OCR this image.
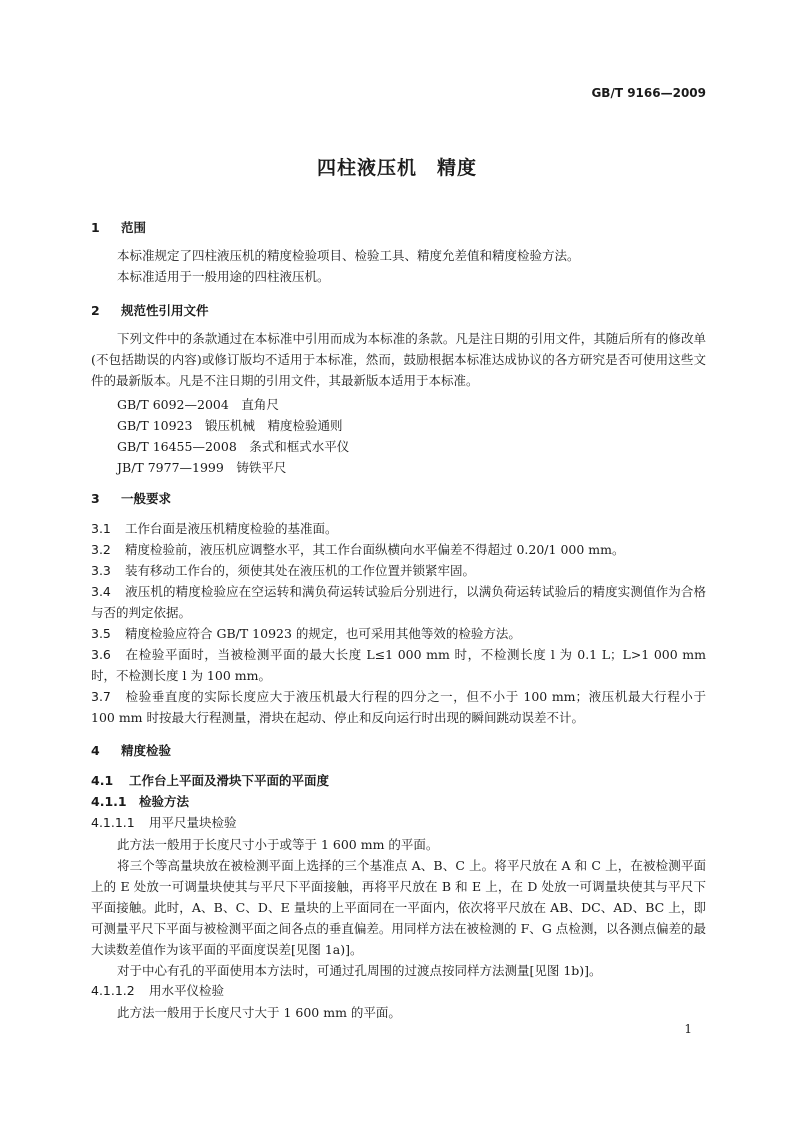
GB/T 9166—2009
四柱液压机　精度
1 范围
本标准规定了四柱液压机的精度检验项目、检验工具、精度允差值和精度检验方法。
本标准适用于一般用途的四柱液压机。
2 规范性引用文件
下列文件中的条款通过在本标准中引用而成为本标准的条款。凡是注日期的引用文件，其随后所有的修改单(不包括勘误的内容)或修订版均不适用于本标准，然而，鼓励根据本标准达成协议的各方研究是否可使用这些文件的最新版本。凡是不注日期的引用文件，其最新版本适用于本标准。
GB/T 6092—2004　直角尺
GB/T 10923　锻压机械　精度检验通则
GB/T 16455—2008　条式和框式水平仪
JB/T 7977—1999　铸铁平尺
3 一般要求
3.1 工作台面是液压机精度检验的基准面。
3.2 精度检验前，液压机应调整水平，其工作台面纵横向水平偏差不得超过 0.20/1 000 mm。
3.3 装有移动工作台的，须使其处在液压机的工作位置并锁紧牢固。
3.4 液压机的精度检验应在空运转和满负荷运转试验后分别进行，以满负荷运转试验后的精度实测值作为合格与否的判定依据。
3.5 精度检验应符合 GB/T 10923 的规定，也可采用其他等效的检验方法。
3.6 在检验平面时，当被检测平面的最大长度 L≤1 000 mm 时，不检测长度 l 为 0.1 L；L>1 000 mm 时，不检测长度 l 为 100 mm。
3.7 检验垂直度的实际长度应大于液压机最大行程的四分之一，但不小于 100 mm；液压机最大行程小于 100 mm 时按最大行程测量，滑块在起动、停止和反向运行时出现的瞬间跳动误差不计。
4 精度检验
4.1 工作台上平面及滑块下平面的平面度
4.1.1 检验方法
4.1.1.1 用平尺量块检验
此方法一般用于长度尺寸小于或等于 1 600 mm 的平面。
将三个等高量块放在被检测平面上选择的三个基准点 A、B、C 上。将平尺放在 A 和 C 上，在被检测平面上的 E 处放一可调量块使其与平尺下平面接触，再将平尺放在 B 和 E 上，在 D 处放一可调量块使其与平尺下平面接触。此时，A、B、C、D、E 量块的上平面同在一平面内，依次将平尺放在 AB、DC、AD、BC 上，即可测量平尺下平面与被检测平面之间各点的垂直偏差。用同样方法在被检测的 F、G 点检测，以各测点偏差的最大读数差值作为该平面的平面度误差[见图 1a)]。
对于中心有孔的平面使用本方法时，可通过孔周围的过渡点按同样方法测量[见图 1b)]。
4.1.1.2 用水平仪检验
此方法一般用于长度尺寸大于 1 600 mm 的平面。
1
